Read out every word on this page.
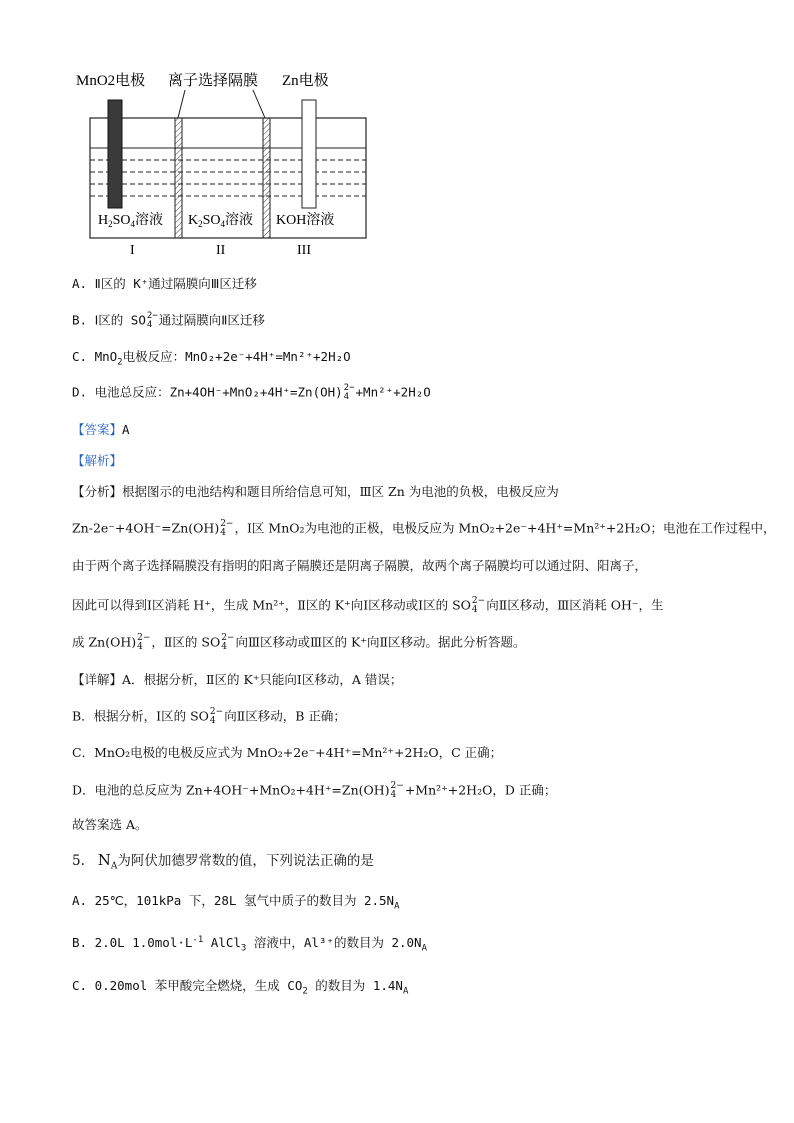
MnO2电极 离子选择隔膜 Zn电极
$H_2SO_4$溶液 $K_2SO_4$溶液 KOH溶液
I	II	III
A. Ⅱ区的 K⁺通过隔膜向Ⅲ区迁移
B. Ⅰ区的 SO 2−
4 通过隔膜向Ⅱ区迁移
C. MnO$_2$电极反应：MnO₂+2e⁻+4H⁺=Mn²⁺+2H₂O
D. 电池总反应：Zn+4OH⁻+MnO₂+4H⁺=Zn(OH) 2−
4 +Mn²⁺+2H₂O
【答案】A
【解析】
【分析】根据图示的电池结构和题目所给信息可知，Ⅲ区 Zn 为电池的负极，电极反应为
Zn-2e⁻+4OH⁻=Zn(OH) 2−
4 ，Ⅰ区 MnO₂为电池的正极，电极反应为 MnO₂+2e⁻+4H⁺=Mn²⁺+2H₂O；电池在工作过程中，
由于两个离子选择隔膜没有指明的阳离子隔膜还是阴离子隔膜，故两个离子隔膜均可以通过阴、阳离子，
因此可以得到Ⅰ区消耗 H⁺，生成 Mn²⁺，Ⅱ区的 K⁺向Ⅰ区移动或Ⅰ区的 SO 2−
4 向Ⅱ区移动，Ⅲ区消耗 OH⁻，生
成 Zn(OH) 2−
4 ，Ⅱ区的 SO 2−
4 向Ⅲ区移动或Ⅲ区的 K⁺向Ⅱ区移动。据此分析答题。
【详解】A．根据分析，Ⅱ区的 K⁺只能向Ⅰ区移动，A 错误；
B．根据分析，Ⅰ区的 SO 2−
4 向Ⅱ区移动，B 正确；
C．MnO₂电极的电极反应式为 MnO₂+2e⁻+4H⁺=Mn²⁺+2H₂O，C 正确；
D．电池的总反应为 Zn+4OH⁻+MnO₂+4H⁺=Zn(OH) 2−
4 +Mn²⁺+2H₂O，D 正确；
故答案选 A。
5. $N_A$为阿伏加德罗常数的值，下列说法正确的是
A. 25℃，101kPa 下，28L 氢气中质子的数目为 $2.5N_A$
B. 2.0L $1.0mol\cdot L^{-1}$ AlCl$_3$ 溶液中，Al³⁺的数目为 $2.0N_A$
C. 0.20mol 苯甲酸完全燃烧，生成 $CO_2$ 的数目为 $1.4N_A$
